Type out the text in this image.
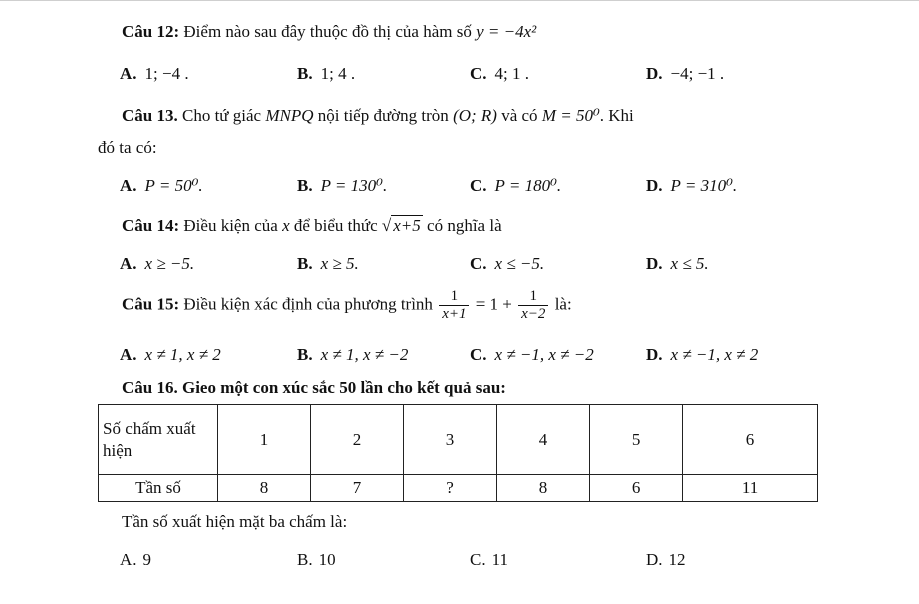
Câu 12: Điểm nào sau đây thuộc đồ thị của hàm số y = −4x²
A. 1; −4 .	B. 1; 4 .	C. 4; 1 .	D. −4; −1 .
Câu 13. Cho tứ giác MNPQ nội tiếp đường tròn (O; R) và có M = 50⁰. Khi
đó ta có:
A. P = 50⁰.	B. P = 130⁰.	C. P = 180⁰.	D. P = 310⁰.
Câu 14: Điều kiện của x để biểu thức √ x+5 có nghĩa là
A. x ≥ −5.	B. x ≥ 5.	C. x ≤ −5.	D. x ≤ 5.
Câu 15: Điều kiện xác định của phương trình $\frac{1}{x+1} = 1 + \frac{1}{x-2}$ là:
A. x ≠ 1, x ≠ 2	B. x ≠ 1, x ≠ −2	C. x ≠ −1, x ≠ −2	D. x ≠ −1, x ≠ 2
Câu 16. Gieo một con xúc sắc 50 lần cho kết quả sau:
Số chấm xuất hiện	1	2	3	4	5	6
Tần số	8	7	?	8	6	11
Tần số xuất hiện mặt ba chấm là:
A. 9	B. 10	C. 11	D. 12
